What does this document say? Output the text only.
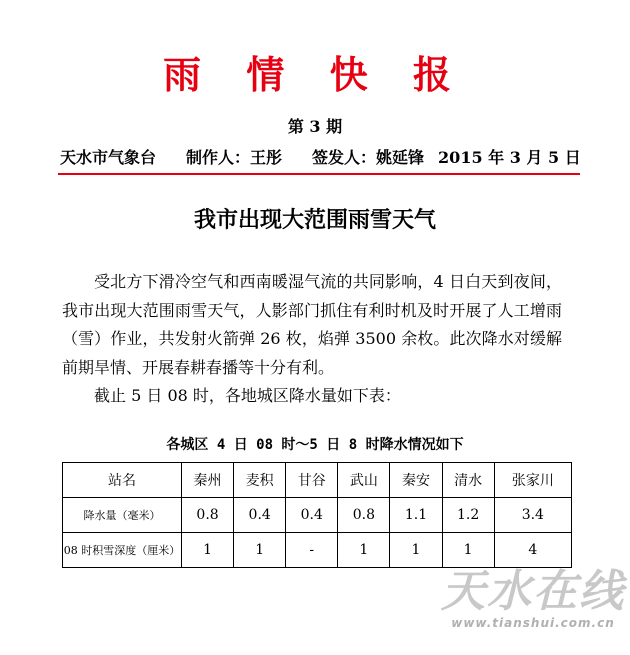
雨 情 快 报
第 3 期
天水市气象台 制作人：王彤 签发人：姚延锋 2015 年 3 月 5 日
我市出现大范围雨雪天气

受北方下滑冷空气和西南暖湿气流的共同影响，4 日白天到夜间，我市出现大范围雨雪天气，人影部门抓住有利时机及时开展了人工增雨（雪）作业，共发射火箭弹 26 枚，焰弹 3500 余枚。此次降水对缓解前期旱情、开展春耕春播等十分有利。

截止 5 日 08 时，各地城区降水量如下表：

各城区 4 日 08 时～5 日 8 时降水情况如下
站名	秦州	麦积	甘谷	武山	秦安	清水	张家川
降水量（毫米）	0.8	0.4	0.4	0.8	1.1	1.2	3.4
08 时积雪深度（厘米）	1	1	-	1	1	1	4
天水在线
www.tianshui.com.cn
